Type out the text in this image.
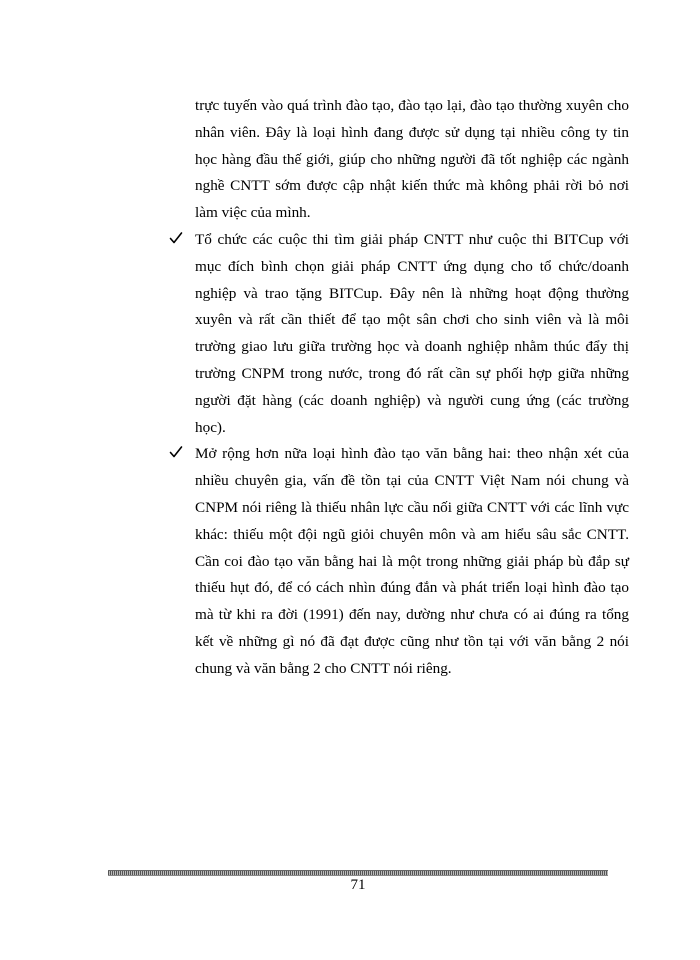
trực tuyến vào quá trình đào tạo, đào tạo lại, đào tạo thường xuyên cho nhân viên. Đây là loại hình đang được sử dụng tại nhiều công ty tin học hàng đầu thế giới, giúp cho những người đã tốt nghiệp các ngành nghề CNTT sớm được cập nhật kiến thức mà không phải rời bỏ nơi làm việc của mình.

Tổ chức các cuộc thi tìm giải pháp CNTT như cuộc thi BITCup với mục đích bình chọn giải pháp CNTT ứng dụng cho tổ chức/doanh nghiệp và trao tặng BITCup. Đây nên là những hoạt động thường xuyên và rất cần thiết để tạo một sân chơi cho sinh viên và là môi trường giao lưu giữa trường học và doanh nghiệp nhằm thúc đẩy thị trường CNPM trong nước, trong đó rất cần sự phối hợp giữa những người đặt hàng (các doanh nghiệp) và người cung ứng (các trường học).

Mở rộng hơn nữa loại hình đào tạo văn bằng hai: theo nhận xét của nhiều chuyên gia, vấn đề tồn tại của CNTT Việt Nam nói chung và CNPM nói riêng là thiếu nhân lực cầu nối giữa CNTT với các lĩnh vực khác: thiếu một đội ngũ giỏi chuyên môn và am hiểu sâu sắc CNTT. Cần coi đào tạo văn bằng hai là một trong những giải pháp bù đắp sự thiếu hụt đó, để có cách nhìn đúng đắn và phát triển loại hình đào tạo mà từ khi ra đời (1991) đến nay, dường như chưa có ai đúng ra tổng kết về những gì nó đã đạt được cũng như tồn tại với văn bằng 2 nói chung và văn bằng 2 cho CNTT nói riêng.

71
